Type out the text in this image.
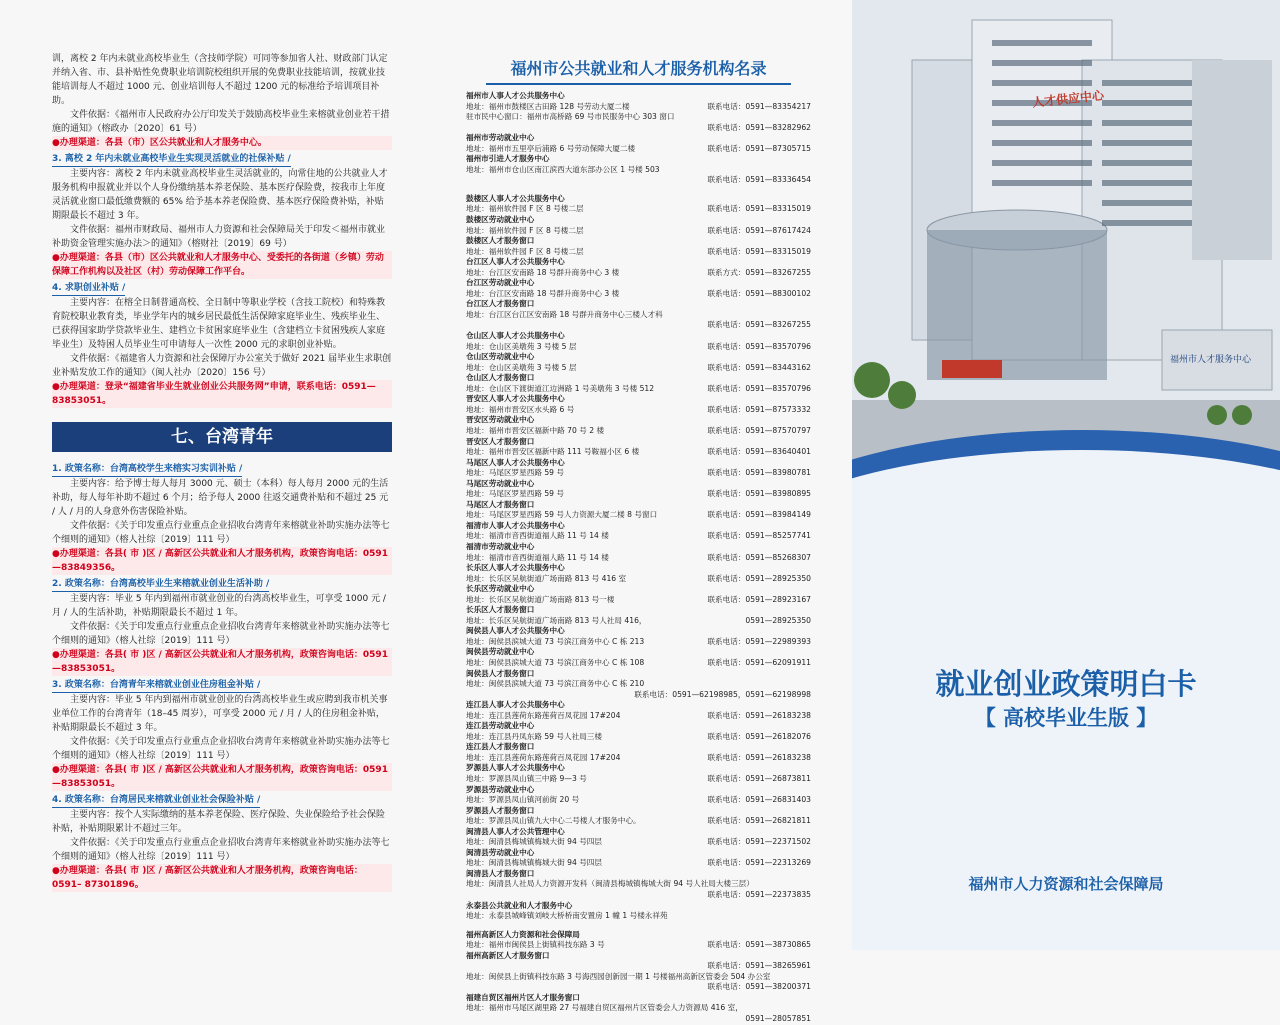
训，离校 2 年内未就业高校毕业生（含技师学院）可同等参加省人社、财政部门认定并纳入省、市、县补贴性免费职业培训院校组织开展的免费职业技能培训，按就业技能培训每人不超过 1000 元、创业培训每人不超过 1200 元的标准给予培训项目补助。

文件依据：《福州市人民政府办公厅印发关于鼓励高校毕业生来榕就业创业若干措施的通知》（榕政办〔2020〕61 号）

● 办理渠道：各县（市）区公共就业和人才服务中心。
3. 离校 2 年内未就业高校毕业生实现灵活就业的社保补贴 /

主要内容：离校 2 年内未就业高校毕业生灵活就业的，向常住地的公共就业人才服务机构申报就业并以个人身份缴纳基本养老保险、基本医疗保险费，按我市上年度灵活就业窗口最低缴费额的 65% 给予基本养老保险费、基本医疗保险费补贴，补贴期限最长不超过 3 年。

文件依据：福州市财政局、福州市人力资源和社会保障局关于印发＜福州市就业补助资金管理实施办法＞的通知》（榕财社〔2019〕69 号）

● 办理渠道：各县（市）区公共就业和人才服务中心、受委托的各街道（乡镇）劳动保障工作机构以及社区（村）劳动保障工作平台。
4. 求职创业补贴 /

主要内容：在榕全日制普通高校、全日制中等职业学校（含技工院校）和特殊教育院校职业教育类，毕业学年内的城乡居民最低生活保障家庭毕业生、残疾毕业生、已获得国家助学贷款毕业生、建档立卡贫困家庭毕业生（含建档立卡贫困残疾人家庭毕业生）及特困人员毕业生可申请每人一次性 2000 元的求职创业补贴。

文件依据：《福建省人力资源和社会保障厅办公室关于做好 2021 届毕业生求职创业补贴发放工作的通知》（闽人社办〔2020〕156 号）

● 办理渠道：登录“福建省毕业生就业创业公共服务网”申请，联系电话：0591—83853051。
七、台湾青年
1. 政策名称：台湾高校学生来榕实习实训补贴 /

主要内容：给予博士每人每月 3000 元、硕士（本科）每人每月 2000 元的生活补助，每人每年补助不超过 6 个月；给予每人 2000 往返交通费补贴和不超过 25 元 / 人 / 月的人身意外伤害保险补贴。

文件依据：《关于印发重点行业重点企业招收台湾青年来榕就业补助实施办法等七个细则的通知》（榕人社综〔2019〕111 号）

● 办理渠道：各县( 市 )区 / 高新区公共就业和人才服务机构，政策咨询电话：0591—83849356。
2. 政策名称：台湾高校毕业生来榕就业创业生活补助 /

主要内容：毕业 5 年内到福州市就业创业的台湾高校毕业生，可享受 1000 元 / 月 / 人的生活补助，补贴期限最长不超过 1 年。

文件依据：《关于印发重点行业重点企业招收台湾青年来榕就业补助实施办法等七个细则的通知》（榕人社综〔2019〕111 号）

● 办理渠道：各县( 市 )区 / 高新区公共就业和人才服务机构，政策咨询电话：0591—83853051。
3. 政策名称：台湾青年来榕就业创业住房租金补贴 /

主要内容：毕业 5 年内到福州市就业创业的台湾高校毕业生或应聘到我市机关事业单位工作的台湾青年（18–45 周岁），可享受 2000 元 / 月 / 人的住房租金补贴，补贴期限最长不超过 3 年。

文件依据：《关于印发重点行业重点企业招收台湾青年来榕就业补助实施办法等七个细则的通知》（榕人社综〔2019〕111 号）

● 办理渠道：各县( 市 )区 / 高新区公共就业和人才服务机构，政策咨询电话：0591—83853051。
4. 政策名称：台湾居民来榕就业创业社会保险补贴 /

主要内容：按个人实际缴纳的基本养老保险、医疗保险、失业保险给予社会保险补贴，补贴期限累计不超过三年。

文件依据：《关于印发重点行业重点企业招收台湾青年来榕就业补助实施办法等七个细则的通知》（榕人社综〔2019〕111 号）

● 办理渠道：各县( 市 )区 / 高新区公共就业和人才服务机构，政策咨询电话：0591– 87301896。
福州市公共就业和人才服务机构名录
福州市人事人才公共服务中心
地址：福州市鼓楼区古田路 128 号劳动大厦二楼	联系电话：0591—83354217
驻市民中心窗口：福州市高桥路 69 号市民服务中心 303 窗口
联系电话：0591—83282962
福州市劳动就业中心
地址：福州市五里亭后浦路 6 号劳动保障大厦二楼	联系电话：0591—87305715
福州市引进人才服务中心
地址：福州市仓山区南江滨西大道东部办公区 1 号楼 503
联系电话：0591—83336454
鼓楼区人事人才公共服务中心
地址：福州软件园 F 区 8 号楼二层	联系电话：0591—83315019
鼓楼区劳动就业中心
地址：福州软件园 F 区 8 号楼二层	联系电话：0591—87617424
鼓楼区人才服务窗口
地址：福州软件园 F 区 8 号楼二层	联系电话：0591—83315019
台江区人事人才公共服务中心
地址：台江区安南路 18 号群升商务中心 3 楼	联系方式：0591—83267255
台江区劳动就业中心
地址：台江区安南路 18 号群升商务中心 3 楼	联系电话：0591—88300102
台江区人才服务窗口
地址：台江区台江区安南路 18 号群升商务中心三楼人才科
联系电话：0591—83267255
仓山区人事人才公共服务中心
地址：仓山区美墩苑 3 号楼 5 层	联系电话：0591—83570796
仓山区劳动就业中心
地址：仓山区美墩苑 3 号楼 5 层	联系电话：0591—83443162
仓山区人才服务窗口
地址：仓山区下渡街道江边洲路 1 号美墩苑 3 号楼 512	联系电话：0591—83570796
晋安区人事人才公共服务中心
地址：福州市晋安区水头路 6 号	联系电话：0591—87573332
晋安区劳动就业中心
地址：福州市晋安区福新中路 70 号 2 楼	联系电话：0591—87570797
晋安区人才服务窗口
地址：福州市晋安区福新中路 111 号鞍福小区 6 楼	联系电话：0591—83640401
马尾区人事人才公共服务中心
地址：马尾区罗星西路 59 号	联系电话：0591—83980781
马尾区劳动就业中心
地址：马尾区罗星西路 59 号	联系电话：0591—83980895
马尾区人才服务窗口
地址：马尾区罗星西路 59 号人力资源大厦二楼 8 号窗口	联系电话：0591—83984149
福清市人事人才公共服务中心
地址：福清市音西街道福人路 11 号 14 楼	联系电话：0591—85257741
福清市劳动就业中心
地址：福清市音西街道福人路 11 号 14 楼	联系电话：0591—85268307
长乐区人事人才公共服务中心
地址：长乐区吴航街道广场南路 813 号 416 室	联系电话：0591—28925350
长乐区劳动就业中心
地址：长乐区吴航街道广场南路 813 号一楼	联系电话：0591—28923167
长乐区人才服务窗口
地址：长乐区吴航街道广场南路 813 号人社局 416，	0591—28925350
闽侯县人事人才公共服务中心
地址：闽侯县滨城大道 73 号滨江商务中心 C 栋 213	联系电话：0591—22989393
闽侯县劳动就业中心
地址：闽侯县滨城大道 73 号滨江商务中心 C 栋 108	联系电话：0591—62091911
闽侯县人才服务窗口
地址：闽侯县滨城大道 73 号滨江商务中心 C 栋 210
联系电话：0591—62198985，0591—62198998
连江县人事人才公共服务中心
地址：连江县莲荷东路莲荷百凤花园 17#204	联系电话：0591—26183238
连江县劳动就业中心
地址：连江县丹凤东路 59 号人社局三楼	联系电话：0591—26182076
连江县人才服务窗口
地址：连江县莲荷东路莲荷百凤花园 17#204	联系电话：0591—26183238
罗源县人事人才公共服务中心
地址：罗源县凤山镇三中路 9—3 号	联系电话：0591—26873811
罗源县劳动就业中心
地址：罗源县凤山镇河前街 20 号	联系电话：0591—26831403
罗源县人才服务窗口
地址：罗源县凤山镇九大中心二号楼人才服务中心。	联系电话：0591—26821811
闽清县人事人才公共管理中心
地址：闽清县梅城镇梅城大街 94 号四层	联系电话：0591—22371502
闽清县劳动就业中心
地址：闽清县梅城镇梅城大街 94 号四层	联系电话：0591—22313269
闽清县人才服务窗口
地址：闽清县人社局人力资源开发科（闽清县梅城镇梅城大街 94 号人社局大楼三层）
联系电话：0591—22373835
永泰县公共就业和人才服务中心
地址：永泰县城峰镇刘岐大桥桥南安置房 1 幢 1 号楼永祥苑
福州高新区人力资源和社会保障局
地址：福州市闽侯县上街镇科技东路 3 号	联系电话：0591—38730865
福州高新区人才服务窗口
联系电话：0591—38265961
地址：闽侯县上街镇科技东路 3 号海西园创新园一期 1 号楼福州高新区管委会 504 办公室
联系电话：0591—38200371
福建自贸区福州片区人才服务窗口
地址：福州市马尾区湖里路 27 号福建自贸区福州片区管委会人力资源局 416 室，
0591—28057851
人才供应中心
福州市人才服务中心
就业创业政策明白卡
【 高校毕业生版 】
福州市人力资源和社会保障局
